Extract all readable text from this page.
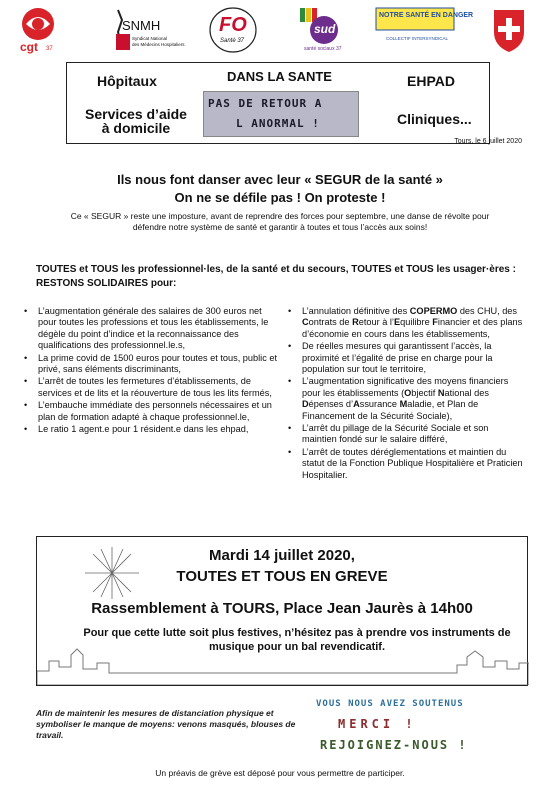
cgt 37
SNMH
Syndicat National
des Médecins Hospitaliers
FO
Santé 37
sud
santé sociaux 37
NOTRE SANTÉ EN DANGER
COLLECTIF INTERSYNDICAL
Hôpitaux
Services d’aide
à domicile
DANS LA SANTE
PAS DE RETOUR A
L ANORMAL !
EHPAD
Cliniques...
Tours, le 6 juillet 2020
Ils nous font danser avec leur « SEGUR de la santé »
On ne se défile pas ! On proteste !
Ce « SEGUR » reste une imposture, avant de reprendre des forces pour septembre, une danse de révolte pour défendre notre système de santé et garantir à toutes et tous l’accès aux soins!
TOUTES et TOUS les professionnel·les, de la santé et du secours, TOUTES et TOUS les usager·ères : RESTONS SOLIDAIRES pour:
• L’augmentation générale des salaires de 300 euros net pour toutes les professions et tous les établissements, le dégèle du point d’indice et la reconnaissance des qualifications des professionnel.le.s,
• La prime covid de 1500 euros pour toutes et tous, public et privé, sans éléments discriminants,
• L’arrêt de toutes les fermetures d’établissements, de services et de lits et la réouverture de tous les lits fermés,
• L’embauche immédiate des personnels nécessaires et un plan de formation adapté à chaque professionnel.le,
• Le ratio 1 agent.e pour 1 résident.e dans les ehpad,
• L’annulation définitive des COPERMO des CHU, des Contrats de Retour à l’Equilibre Financier et des plans d’économie en cours dans les établissements,
• De réelles mesures qui garantissent l’accès, la proximité et l’égalité de prise en charge pour la population sur tout le territoire,
• L’augmentation significative des moyens financiers pour les établissements (Objectif National des Dépenses d’Assurance Maladie, et Plan de Financement de la Sécurité Sociale),
• L’arrêt du pillage de la Sécurité Sociale et son maintien fondé sur le salaire différé,
• L’arrêt de toutes déréglementations et maintien du statut de la Fonction Publique Hospitalière et Praticien Hospitalier.
Mardi 14 juillet 2020,
TOUTES ET TOUS EN GREVE
Rassemblement à TOURS, Place Jean Jaurès à 14h00
Pour que cette lutte soit plus festives, n’hésitez pas à prendre vos instruments de musique pour un bal revendicatif.
Afin de maintenir les mesures de distanciation physique et symboliser le manque de moyens: venons masqués, blouses de travail.
VOUS NOUS AVEZ SOUTENUS
MERCI !
REJOIGNEZ-NOUS !
Un préavis de grève est déposé pour vous permettre de participer.
